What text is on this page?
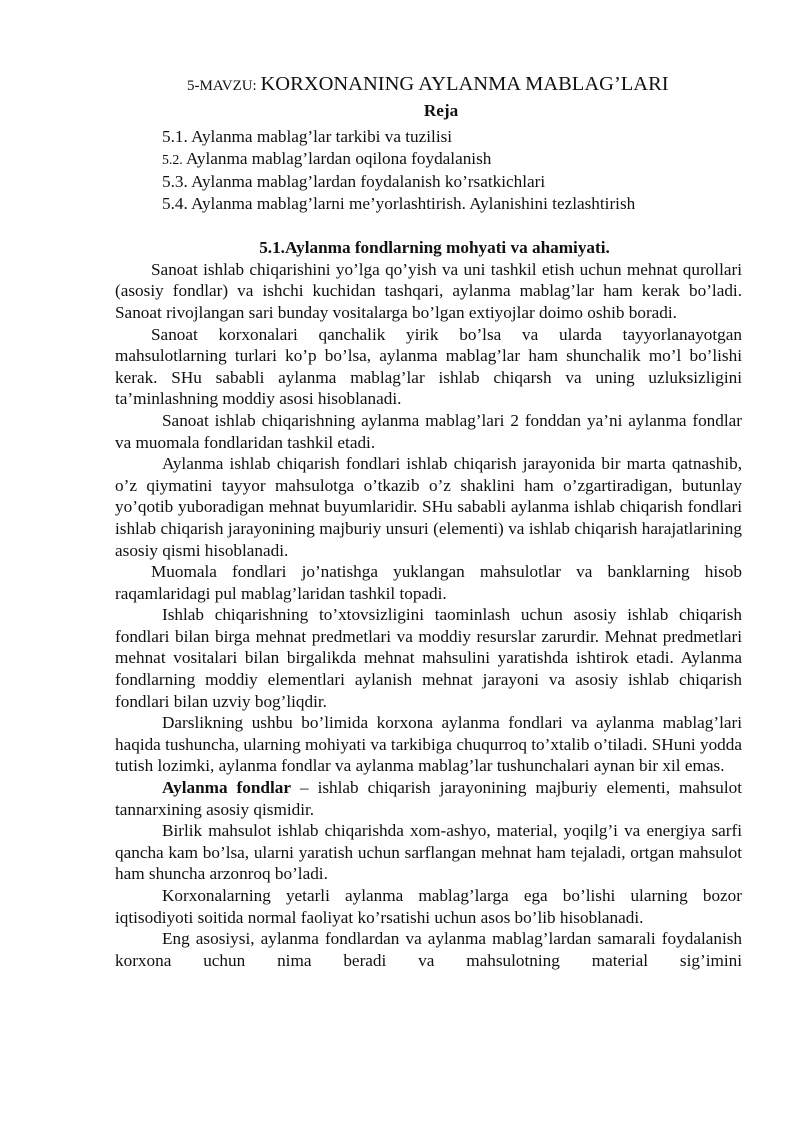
5-MAVZU: KORXONANING AYLANMA MABLAG’LARI
Reja
5.1. Aylanma mablag’lar tarkibi va tuzilisi
5.2. Aylanma mablag’lardan oqilona foydalanish
5.3. Aylanma mablag’lardan foydalanish ko’rsatkichlari
5.4. Aylanma mablag’larni me’yorlashtirish. Aylanishini tezlashtirish
5.1.Aylanma fondlarning mohyati va ahamiyati.

Sanoat ishlab chiqarishini yo’lga qo’yish va uni tashkil etish uchun mehnat qurollari (asosiy fondlar) va ishchi kuchidan tashqari, aylanma mablag’lar ham kerak bo’ladi. Sanoat rivojlangan sari bunday vositalarga bo’lgan extiyojlar doimo oshib boradi.

Sanoat korxonalari qanchalik yirik bo’lsa va ularda tayyorlanayotgan mahsulotlarning turlari ko’p bo’lsa, aylanma mablag’lar ham shunchalik mo’l bo’lishi kerak. SHu sababli aylanma mablag’lar ishlab chiqarsh va uning uzluksizligini ta’minlashning moddiy asosi hisoblanadi.

Sanoat ishlab chiqarishning aylanma mablag’lari 2 fonddan ya’ni aylanma fondlar va muomala fondlaridan tashkil etadi.

Aylanma ishlab chiqarish fondlari ishlab chiqarish jarayonida bir marta qatnashib, o’z qiymatini tayyor mahsulotga o’tkazib o’z shaklini ham o’zgartiradigan, butunlay yo’qotib yuboradigan mehnat buyumlaridir. SHu sababli aylanma ishlab chiqarish fondlari ishlab chiqarish jarayonining majburiy unsuri (elementi) va ishlab chiqarish harajatlarining asosiy qismi hisoblanadi.

Muomala fondlari jo’natishga yuklangan mahsulotlar va banklarning hisob raqamlaridagi pul mablag’laridan tashkil topadi.

Ishlab chiqarishning to’xtovsizligini taominlash uchun asosiy ishlab chiqarish fondlari bilan birga mehnat predmetlari va moddiy resurslar zarurdir. Mehnat predmetlari mehnat vositalari bilan birgalikda mehnat mahsulini yaratishda ishtirok etadi. Aylanma fondlarning moddiy elementlari aylanish mehnat jarayoni va asosiy ishlab chiqarish fondlari bilan uzviy bog’liqdir.

Darslikning ushbu bo’limida korxona aylanma fondlari va aylanma mablag’lari haqida tushuncha, ularning mohiyati va tarkibiga chuqurroq to’xtalib o’tiladi. SHuni yodda tutish lozimki, aylanma fondlar va aylanma mablag’lar tushunchalari aynan bir xil emas.

Aylanma fondlar – ishlab chiqarish jarayonining majburiy elementi, mahsulot tannarxining asosiy qismidir.

Birlik mahsulot ishlab chiqarishda xom-ashyo, material, yoqilg’i va energiya sarfi qancha kam bo’lsa, ularni yaratish uchun sarflangan mehnat ham tejaladi, ortgan mahsulot ham shuncha arzonroq bo’ladi.

Korxonalarning yetarli aylanma mablag’larga ega bo’lishi ularning bozor iqtisodiyoti soitida normal faoliyat ko’rsatishi uchun asos bo’lib hisoblanadi.

Eng asosiysi, aylanma fondlardan va aylanma mablag’lardan samarali foydalanish korxona uchun nima beradi va mahsulotning material sig’imini
